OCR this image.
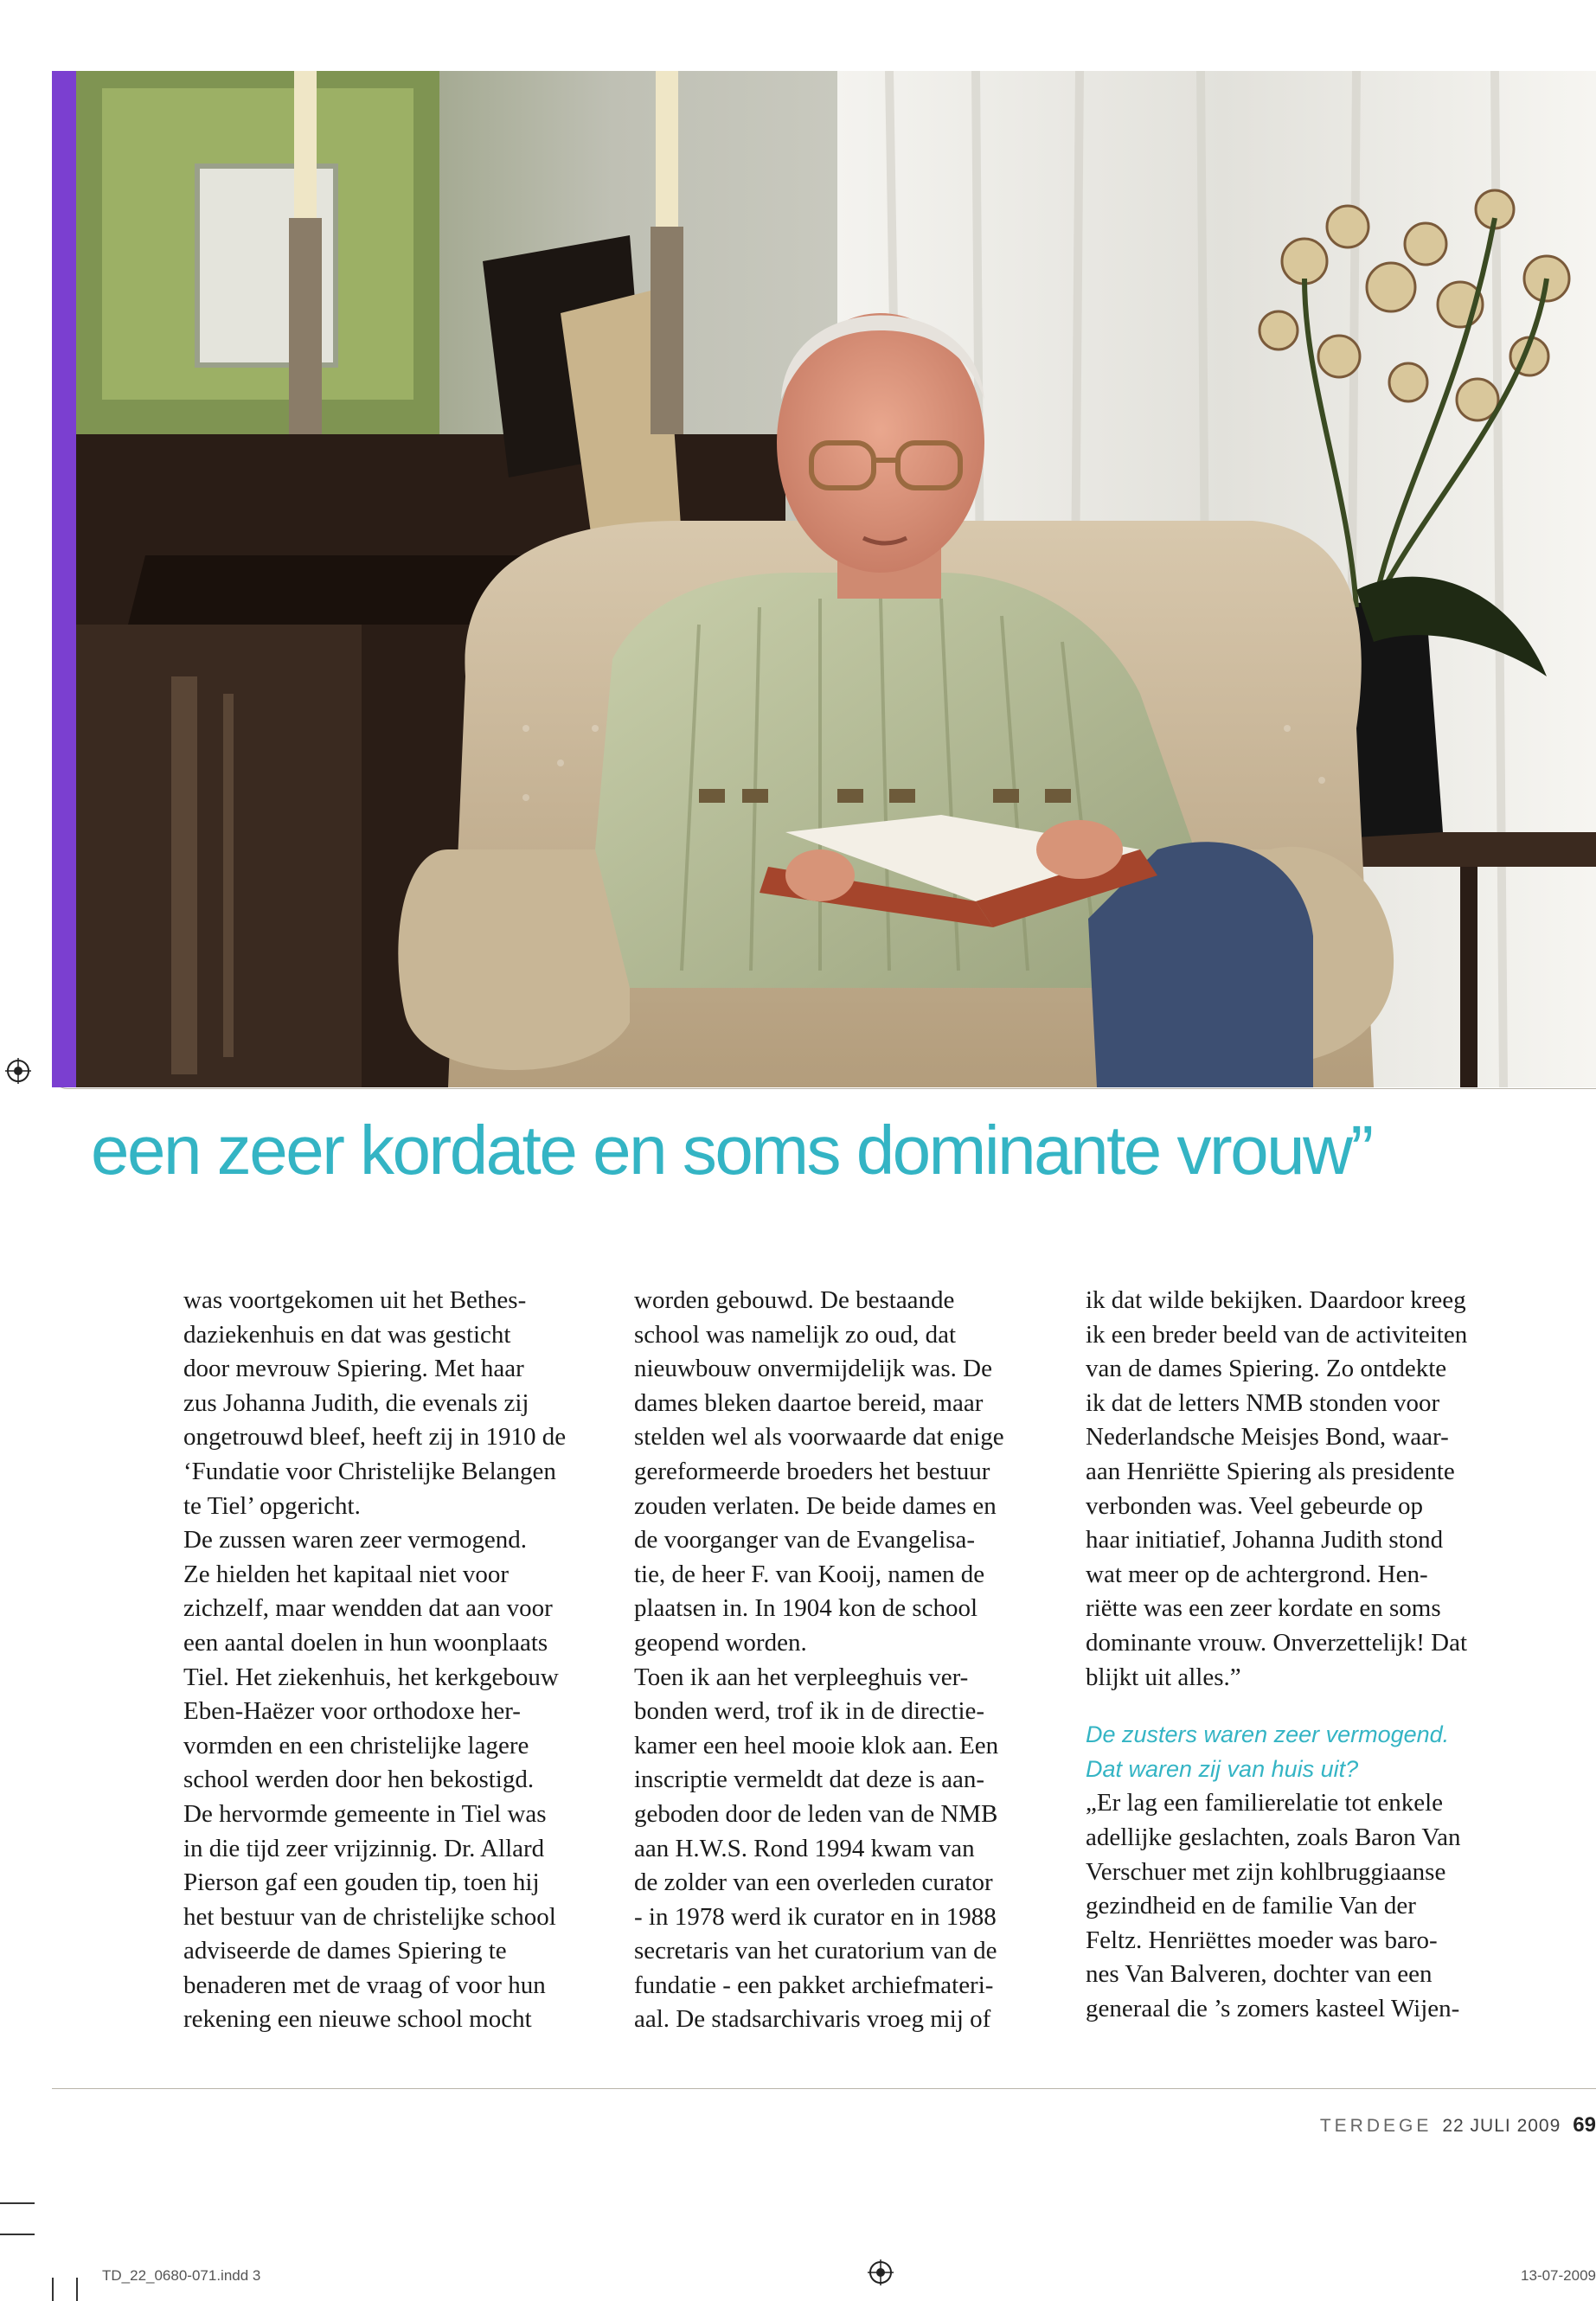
een zeer kordate en soms dominante vrouw”

was voortgekomen uit het Bethes-

daziekenhuis en dat was gesticht

door mevrouw Spiering. Met haar

zus Johanna Judith, die evenals zij

ongetrouwd bleef, heeft zij in 1910 de

‘Fundatie voor Christelijke Belangen

te Tiel’ opgericht.

De zussen waren zeer vermogend.

Ze hielden het kapitaal niet voor

zichzelf, maar wendden dat aan voor

een aantal doelen in hun woonplaats

Tiel. Het ziekenhuis, het kerkgebouw

Eben-Haëzer voor orthodoxe her-

vormden en een christelijke lagere

school werden door hen bekostigd.

De hervormde gemeente in Tiel was

in die tijd zeer vrijzinnig. Dr. Allard

Pierson gaf een gouden tip, toen hij

het bestuur van de christelijke school

adviseerde de dames Spiering te

benaderen met de vraag of voor hun

rekening een nieuwe school mocht

worden gebouwd. De bestaande

school was namelijk zo oud, dat

nieuwbouw onvermijdelijk was. De

dames bleken daartoe bereid, maar

stelden wel als voorwaarde dat enige

gereformeerde broeders het bestuur

zouden verlaten. De beide dames en

de voorganger van de Evangelisa-

tie, de heer F. van Kooij, namen de

plaatsen in. In 1904 kon de school

geopend worden.

Toen ik aan het verpleeghuis ver-

bonden werd, trof ik in de directie-

kamer een heel mooie klok aan. Een

inscriptie vermeldt dat deze is aan-

geboden door de leden van de NMB

aan H.W.S. Rond 1994 kwam van

de zolder van een overleden curator

- in 1978 werd ik curator en in 1988

secretaris van het curatorium van de

fundatie - een pakket archiefmateri-

aal. De stadsarchivaris vroeg mij of

ik dat wilde bekijken. Daardoor kreeg

ik een breder beeld van de activiteiten

van de dames Spiering. Zo ontdekte

ik dat de letters NMB stonden voor

Nederlandsche Meisjes Bond, waar-

aan Henriëtte Spiering als presidente

verbonden was. Veel gebeurde op

haar initiatief, Johanna Judith stond

wat meer op de achtergrond. Hen-

riëtte was een zeer kordate en soms

dominante vrouw. Onverzettelijk! Dat

blijkt uit alles.”

De zusters waren zeer vermogend.

Dat waren zij van huis uit?

„Er lag een familierelatie tot enkele

adellijke geslachten, zoals Baron Van

Verschuer met zijn kohlbruggiaanse

gezindheid en de familie Van der

Feltz. Henriëttes moeder was baro-

nes Van Balveren, dochter van een

generaal die ’s zomers kasteel Wijen-

TERDEGE 22 JULI 2009 69
TD_22_0680-071.indd 3	13-07-2009
